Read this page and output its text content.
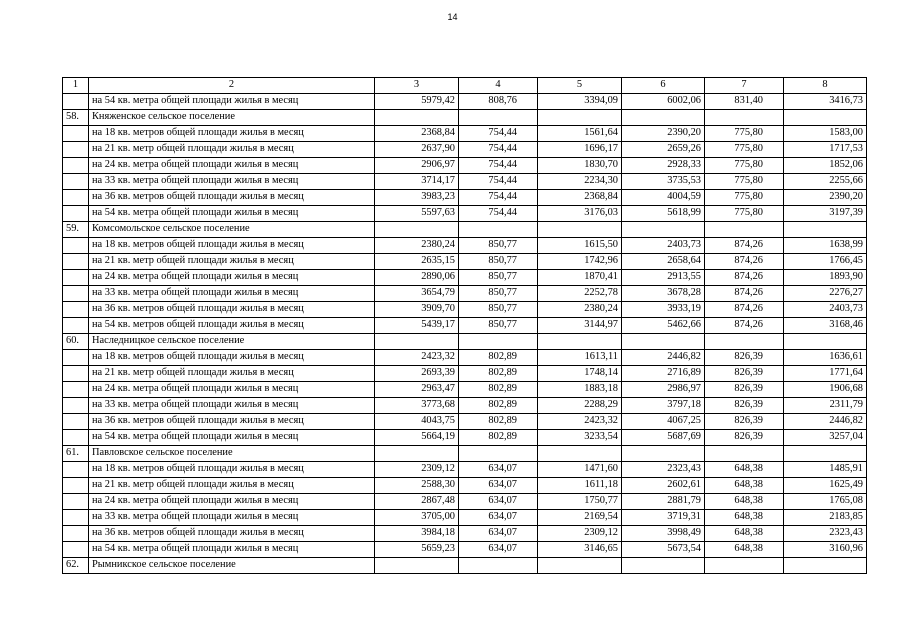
14
1	2	3	4	5	6	7	8
	на 54 кв. метра общей площади жилья в месяц	5979,42	808,76	3394,09	6002,06	831,40	3416,73
58.	Княженское сельское поселение						
	на 18 кв. метров общей площади жилья в месяц	2368,84	754,44	1561,64	2390,20	775,80	1583,00
	на 21 кв. метр общей площади жилья в месяц	2637,90	754,44	1696,17	2659,26	775,80	1717,53
	на 24 кв. метра общей площади жилья в месяц	2906,97	754,44	1830,70	2928,33	775,80	1852,06
	на 33 кв. метра общей площади жилья в месяц	3714,17	754,44	2234,30	3735,53	775,80	2255,66
	на 36 кв. метров общей площади жилья в месяц	3983,23	754,44	2368,84	4004,59	775,80	2390,20
	на 54 кв. метра общей площади жилья в месяц	5597,63	754,44	3176,03	5618,99	775,80	3197,39
59.	Комсомольское сельское поселение						
	на 18 кв. метров общей площади жилья в месяц	2380,24	850,77	1615,50	2403,73	874,26	1638,99
	на 21 кв. метр общей площади жилья в месяц	2635,15	850,77	1742,96	2658,64	874,26	1766,45
	на 24 кв. метра общей площади жилья в месяц	2890,06	850,77	1870,41	2913,55	874,26	1893,90
	на 33 кв. метра общей площади жилья в месяц	3654,79	850,77	2252,78	3678,28	874,26	2276,27
	на 36 кв. метров общей площади жилья в месяц	3909,70	850,77	2380,24	3933,19	874,26	2403,73
	на 54 кв. метров общей площади жилья в месяц	5439,17	850,77	3144,97	5462,66	874,26	3168,46
60.	Наследницкое сельское поселение						
	на 18 кв. метров общей площади жилья в месяц	2423,32	802,89	1613,11	2446,82	826,39	1636,61
	на 21 кв. метр общей площади жилья в месяц	2693,39	802,89	1748,14	2716,89	826,39	1771,64
	на 24 кв. метра общей площади жилья в месяц	2963,47	802,89	1883,18	2986,97	826,39	1906,68
	на 33 кв. метра общей площади жилья в месяц	3773,68	802,89	2288,29	3797,18	826,39	2311,79
	на 36 кв. метров общей площади жилья в месяц	4043,75	802,89	2423,32	4067,25	826,39	2446,82
	на 54 кв. метра общей площади жилья в месяц	5664,19	802,89	3233,54	5687,69	826,39	3257,04
61.	Павловское сельское поселение						
	на 18 кв. метров общей площади жилья в месяц	2309,12	634,07	1471,60	2323,43	648,38	1485,91
	на 21 кв. метр общей площади жилья в месяц	2588,30	634,07	1611,18	2602,61	648,38	1625,49
	на 24 кв. метра общей площади жилья в месяц	2867,48	634,07	1750,77	2881,79	648,38	1765,08
	на 33 кв. метра общей площади жилья в месяц	3705,00	634,07	2169,54	3719,31	648,38	2183,85
	на 36 кв. метров общей площади жилья в месяц	3984,18	634,07	2309,12	3998,49	648,38	2323,43
	на 54 кв. метра общей площади жилья в месяц	5659,23	634,07	3146,65	5673,54	648,38	3160,96
62.	Рымникское сельское поселение						
